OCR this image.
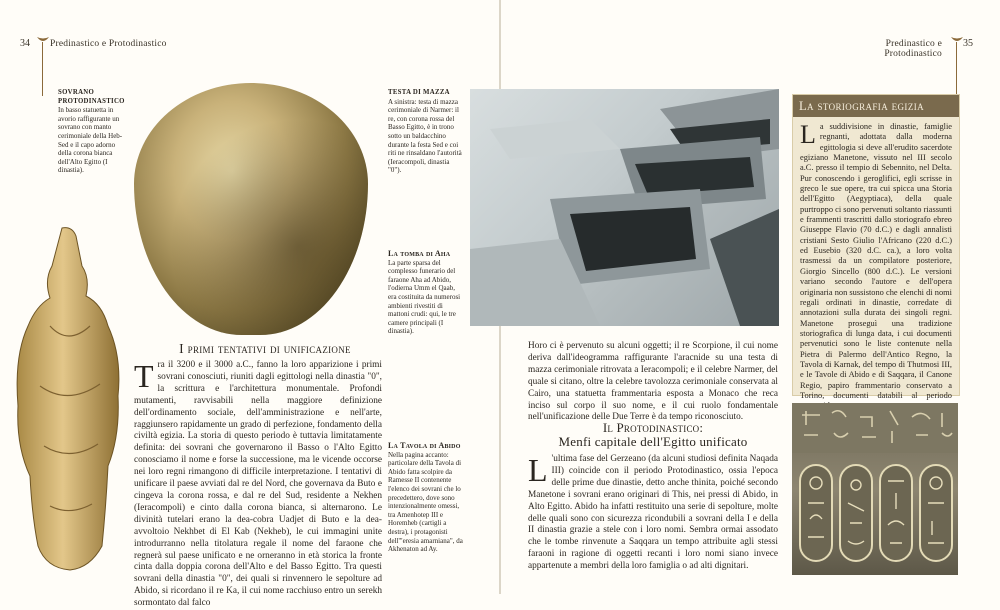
34 Predinastico e Protodinastico	Predinastico e Protodinastico
35
SOVRANO
PROTODINASTICO
In basso statuetta in avorio raffigurante un sovrano con manto cerimoniale della Heb-Sed e il capo adorno della corona bianca dell'Alto Egitto (I dinastia).
TESTA DI MAZZA
A sinistra: testa di mazza cerimoniale di Narmer: il re, con corona rossa del Basso Egitto, è in trono sotto un baldacchino durante la festa Sed e coi riti ne rinsaldano l'autorità (Ieracompoli, dinastia "0").
La tomba di Aha
La parte sparsa del complesso funerario del faraone Aha ad Abido, l'odierna Umm el Qaab, era costituita da numerosi ambienti rivestiti di mattoni crudi: qui, le tre camere principali (I dinastia).
La Tavola di Abido
Nella pagina accanto: particolare della Tavola di Abido fatta scolpire da Ramesse II contenente l'elenco dei sovrani che lo precedettero, dove sono intenzionalmente omessi, tra Amenhotep III e Horemheb (cartigli a destra), i protagonisti dell'"eresia amarniana", da Akhenaton ad Ay.
I primi tentativi di unificazione
Tra il 3200 e il 3000 a.C., fanno la loro apparizione i primi sovrani conosciuti, riuniti dagli egittologi nella dinastia "0", la scrittura e l'architettura monumentale. Profondi mutamenti, ravvisabili nella maggiore definizione dell'ordinamento sociale, dell'amministrazione e nell'arte, raggiunsero rapidamente un grado di perfezione, fondamento della civiltà egizia. La storia di questo periodo è tuttavia limitatamente definita: dei sovrani che governarono il Basso o l'Alto Egitto conosciamo il nome e forse la successione, ma le vicende occorse nei loro regni rimangono di difficile interpretazione. I tentativi di unificare il paese avviati dal re del Nord, che governava da Buto e cingeva la corona rossa, e dal re del Sud, residente a Nekhen (Ieracompoli) e cinto dalla corona bianca, si alternarono. Le divinità tutelari erano la dea-cobra Uadjet di Buto e la dea-avvoltoio Nekhbet di El Kab (Nekheb), le cui immagini unite introdurranno nella titolatura regale il nome del faraone che regnerà sul paese unificato e ne orneranno in età storica la fronte cinta dalla doppia corona dell'Alto e del Basso Egitto. Tra questi sovrani della dinastia "0", dei quali si rinvennero le sepolture ad Abido, si ricordano il re Ka, il cui nome racchiuso entro un serekh sormontato dal falco
Horo ci è pervenuto su alcuni oggetti; il re Scorpione, il cui nome deriva dall'ideogramma raffigurante l'aracnide su una testa di mazza cerimoniale ritrovata a Ieracompoli; e il celebre Narmer, del quale si citano, oltre la celebre tavolozza cerimoniale conservata al Cairo, una statuetta frammentaria esposta a Monaco che reca inciso sul corpo il suo nome, e il cui ruolo fondamentale nell'unificazione delle Due Terre è da tempo riconosciuto.
Il Protodinastico:
Menfi capitale dell'Egitto unificato
L 'ultima fase del Gerzeano (da alcuni studiosi definita Naqada III) coincide con il periodo Protodinastico, ossia l'epoca delle prime due dinastie, detto anche thinita, poiché secondo Manetone i sovrani erano originari di This, nei pressi di Abido, in Alto Egitto. Abido ha infatti restituito una serie di sepolture, molte delle quali sono con sicurezza ricondubili a sovrani della I e della II dinastia grazie a stele con i loro nomi. Sembra ormai assodato che le tombe rinvenute a Saqqara un tempo attribuite agli stessi faraoni in ragione di oggetti recanti i loro nomi siano invece appartenute a membri della loro famiglia o ad alti dignitari.
La storiografia egizia
La suddivisione in dinastie, famiglie regnanti, adottata dalla moderna egittologia si deve all'erudito sacerdote egiziano Manetone, vissuto nel III secolo a.C. presso il tempio di Sebennito, nel Delta. Pur conoscendo i geroglifici, egli scrisse in greco le sue opere, tra cui spicca una Storia dell'Egitto (Aegyptiaca), della quale purtroppo ci sono pervenuti soltanto riassunti e frammenti trascritti dallo storiografo ebreo Giuseppe Flavio (70 d.C.) e dagli annalisti cristiani Sesto Giulio l'Africano (220 d.C.) ed Eusebio (320 d.C. ca.), a loro volta trasmessi da un compilatore posteriore, Giorgio Sincello (800 d.C.). Le versioni variano secondo l'autore e dell'opera originaria non sussistono che elenchi di nomi regali ordinati in dinastie, corredate di annotazioni sulla durata dei singoli regni. Manetone proseguì una tradizione storiografica di lunga data, i cui documenti pervenutici sono le liste contenute nella Pietra di Palermo dell'Antico Regno, la Tavola di Karnak, del tempo di Thutmosi III, e le Tavole di Abido e di Saqqara, il Canone Regio, papiro frammentario conservato a Torino, documenti databili al periodo
